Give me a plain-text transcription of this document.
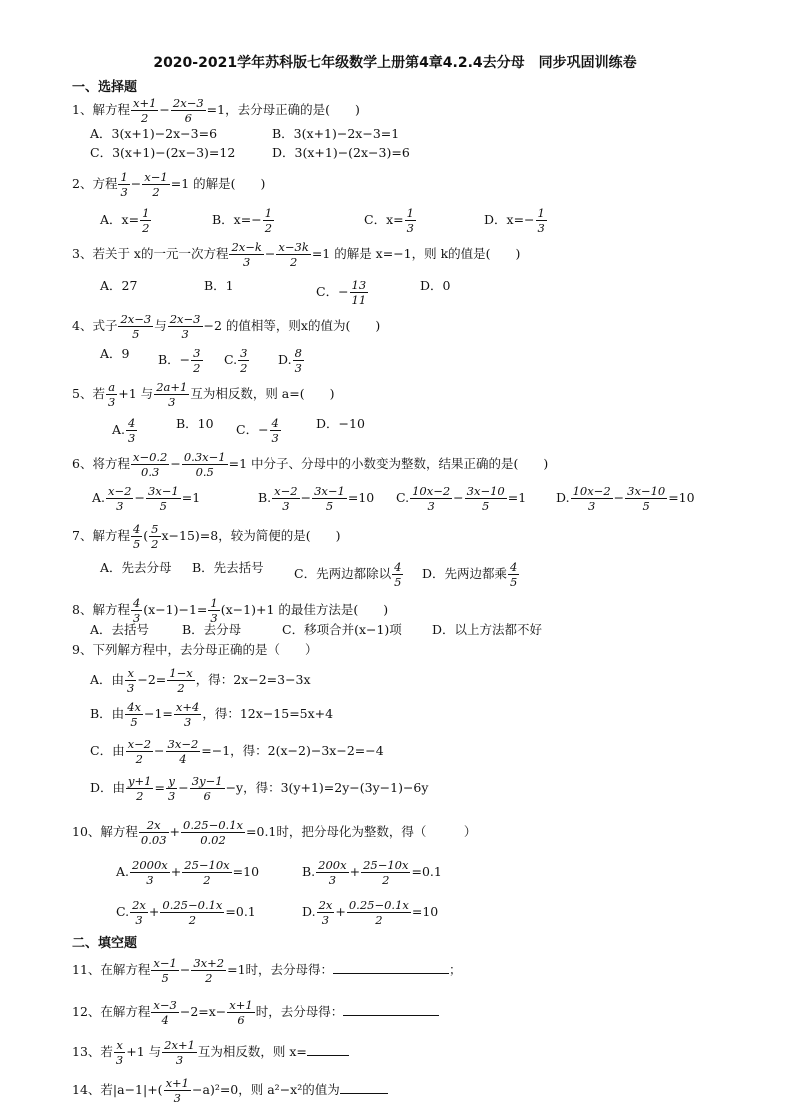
2020-2021学年苏科版七年级数学上册第4章4.2.4去分母　同步巩固训练卷
一、选择题
1、解方程 $\frac{x+1}{2} - \frac{2x-3}{6} =1$，去分母正确的是(　　)
A．3(x+1)−2x−3=6	B．3(x+1)−2x−3=1
C．3(x+1)−(2x−3)=12	D．3(x+1)−(2x−3)=6
2、方程 $\frac{1}{3} - \frac{x-1}{2} =1$ 的解是(　　)
A．$x= \frac{1}{2}$	B．$x=- \frac{1}{2}$	C．$x= \frac{1}{3}$	D．$x=- \frac{1}{3}$
3、若关于 x的一元一次方程 $\frac{2x-k}{3} - \frac{x-3k}{2} =1$ 的解是 x=−1，则 k的值是(　　)
A．27	B．1	C．− $\frac{13}{11}$	D．0
4、式子 $\frac{2x-3}{5}$ 与 $\frac{2x-3}{3} -2$ 的值相等，则x的值为(　　)
A．9 B．− $\frac{3}{2} C$. $\frac{3}{2} D$. $\frac{8}{3}$
5、若 $\frac{a}{3} +1$ 与 $\frac{2a+1}{3}$ 互为相反数，则 a=(　　)
A. $\frac{4}{3}$	B．10 C．− $\frac{4}{3}$	D．−10
6、将方程 $\frac{x-0.2}{0.3} - \frac{0.3x-1}{0.5} =1$ 中分子、分母中的小数变为整数，结果正确的是(　　)
A. $\frac{x-2}{3} - \frac{3x-1}{5} =1$	B. $\frac{x-2}{3} - \frac{3x-1}{5} =10$ C. $\frac{10x-2}{3} - \frac{3x-10}{5} =1$ D. $\frac{10x-2}{3} - \frac{3x-10}{5} =10$
7、解方程 $\frac{4}{5}$ ( $\frac{5}{2} x-15)=8$，较为简便的是(　　)
A．先去分母 B．先去括号 C．先两边都除以 $\frac{4}{5}$ D．先两边都乘 $\frac{4}{5}$
8、解方程 $\frac{4}{3} (x-1)-1= \frac{1}{3} (x-1)+1$ 的最佳方法是(　　)
A．去括号	B．去分母	C．移项合并(x−1)项 D．以上方法都不好
9、下列解方程中，去分母正确的是（　　）
A．由 $\frac{x}{3} -2= \frac{1-x}{2}$ ，得：2x−2=3−3x
B．由 $\frac{4x}{5} -1= \frac{x+4}{3}$ ，得：12x−15=5x+4
C．由 $\frac{x-2}{2} - \frac{3x-2}{4} =-1$，得：2(x−2)−3x−2=−4
D．由 $\frac{y+1}{2} = \frac{y}{3} - \frac{3y-1}{6} -y$，得：3(y+1)=2y−(3y−1)−6y
10、解方程 $\frac{2x}{0.03} + \frac{0.25-0.1x}{0.02} =0.1$时，把分母化为整数，得（　　　）
A. $\frac{2000x}{3} + \frac{25-10x}{2} =10$	B. $\frac{200x}{3} + \frac{25-10x}{2} =0.1$
C. $\frac{2x}{3} + \frac{0.25-0.1x}{2} =0.1$	D. $\frac{2x}{3} + \frac{0.25-0.1x}{2} =10$
二、填空题
11、在解方程 $\frac{x-1}{5} - \frac{3x+2}{2} =1$时，去分母得：	；
12、在解方程 $\frac{x-3}{4} -2=x- \frac{x+1}{6}$ 时，去分母得：
13、若 $\frac{x}{3} +1$ 与 $\frac{2x+1}{3}$ 互为相反数，则 x=
14、若$|a-1|+( \frac{x+1}{3} -a)^2=0$，则 a²−x²的值为
